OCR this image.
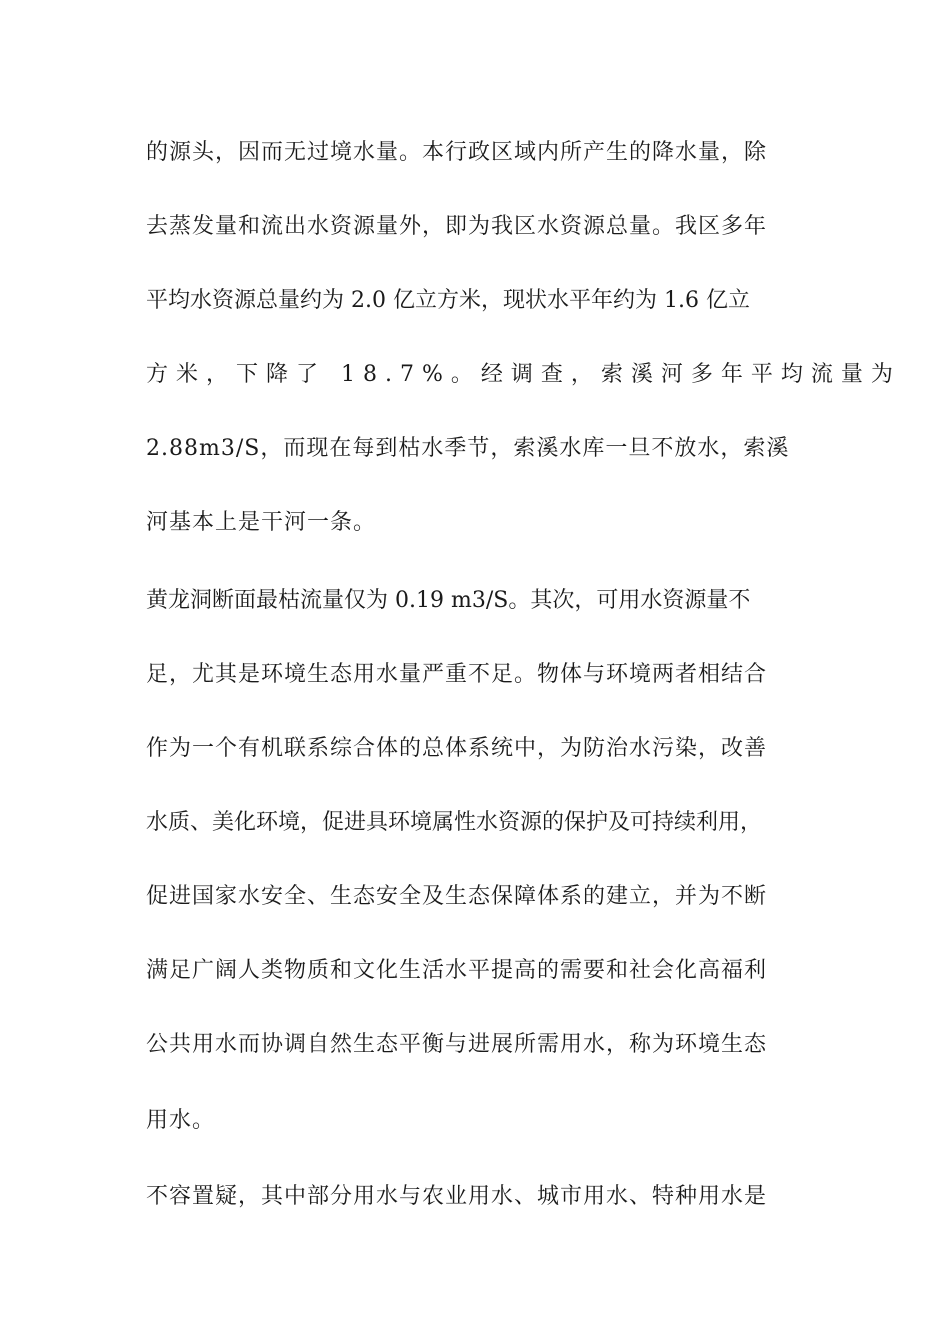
的源头，因而无过境水量。本行政区域内所产生的降水量，除
去蒸发量和流出水资源量外，即为我区水资源总量。我区多年
平均水资源总量约为 2.0 亿立方米，现状水平年约为 1.6 亿立
方米，下降了 18.7%。经调查，索溪河多年平均流量为
2.88m3/S，而现在每到枯水季节，索溪水库一旦不放水，索溪
河基本上是干河一条。
黄龙洞断面最枯流量仅为 0.19 m3/S。其次，可用水资源量不
足，尤其是环境生态用水量严重不足。物体与环境两者相结合
作为一个有机联系综合体的总体系统中，为防治水污染，改善
水质、美化环境，促进具环境属性水资源的保护及可持续利用，
促进国家水安全、生态安全及生态保障体系的建立，并为不断
满足广阔人类物质和文化生活水平提高的需要和社会化高福利
公共用水而协调自然生态平衡与进展所需用水，称为环境生态
用水。
不容置疑，其中部分用水与农业用水、城市用水、特种用水是
